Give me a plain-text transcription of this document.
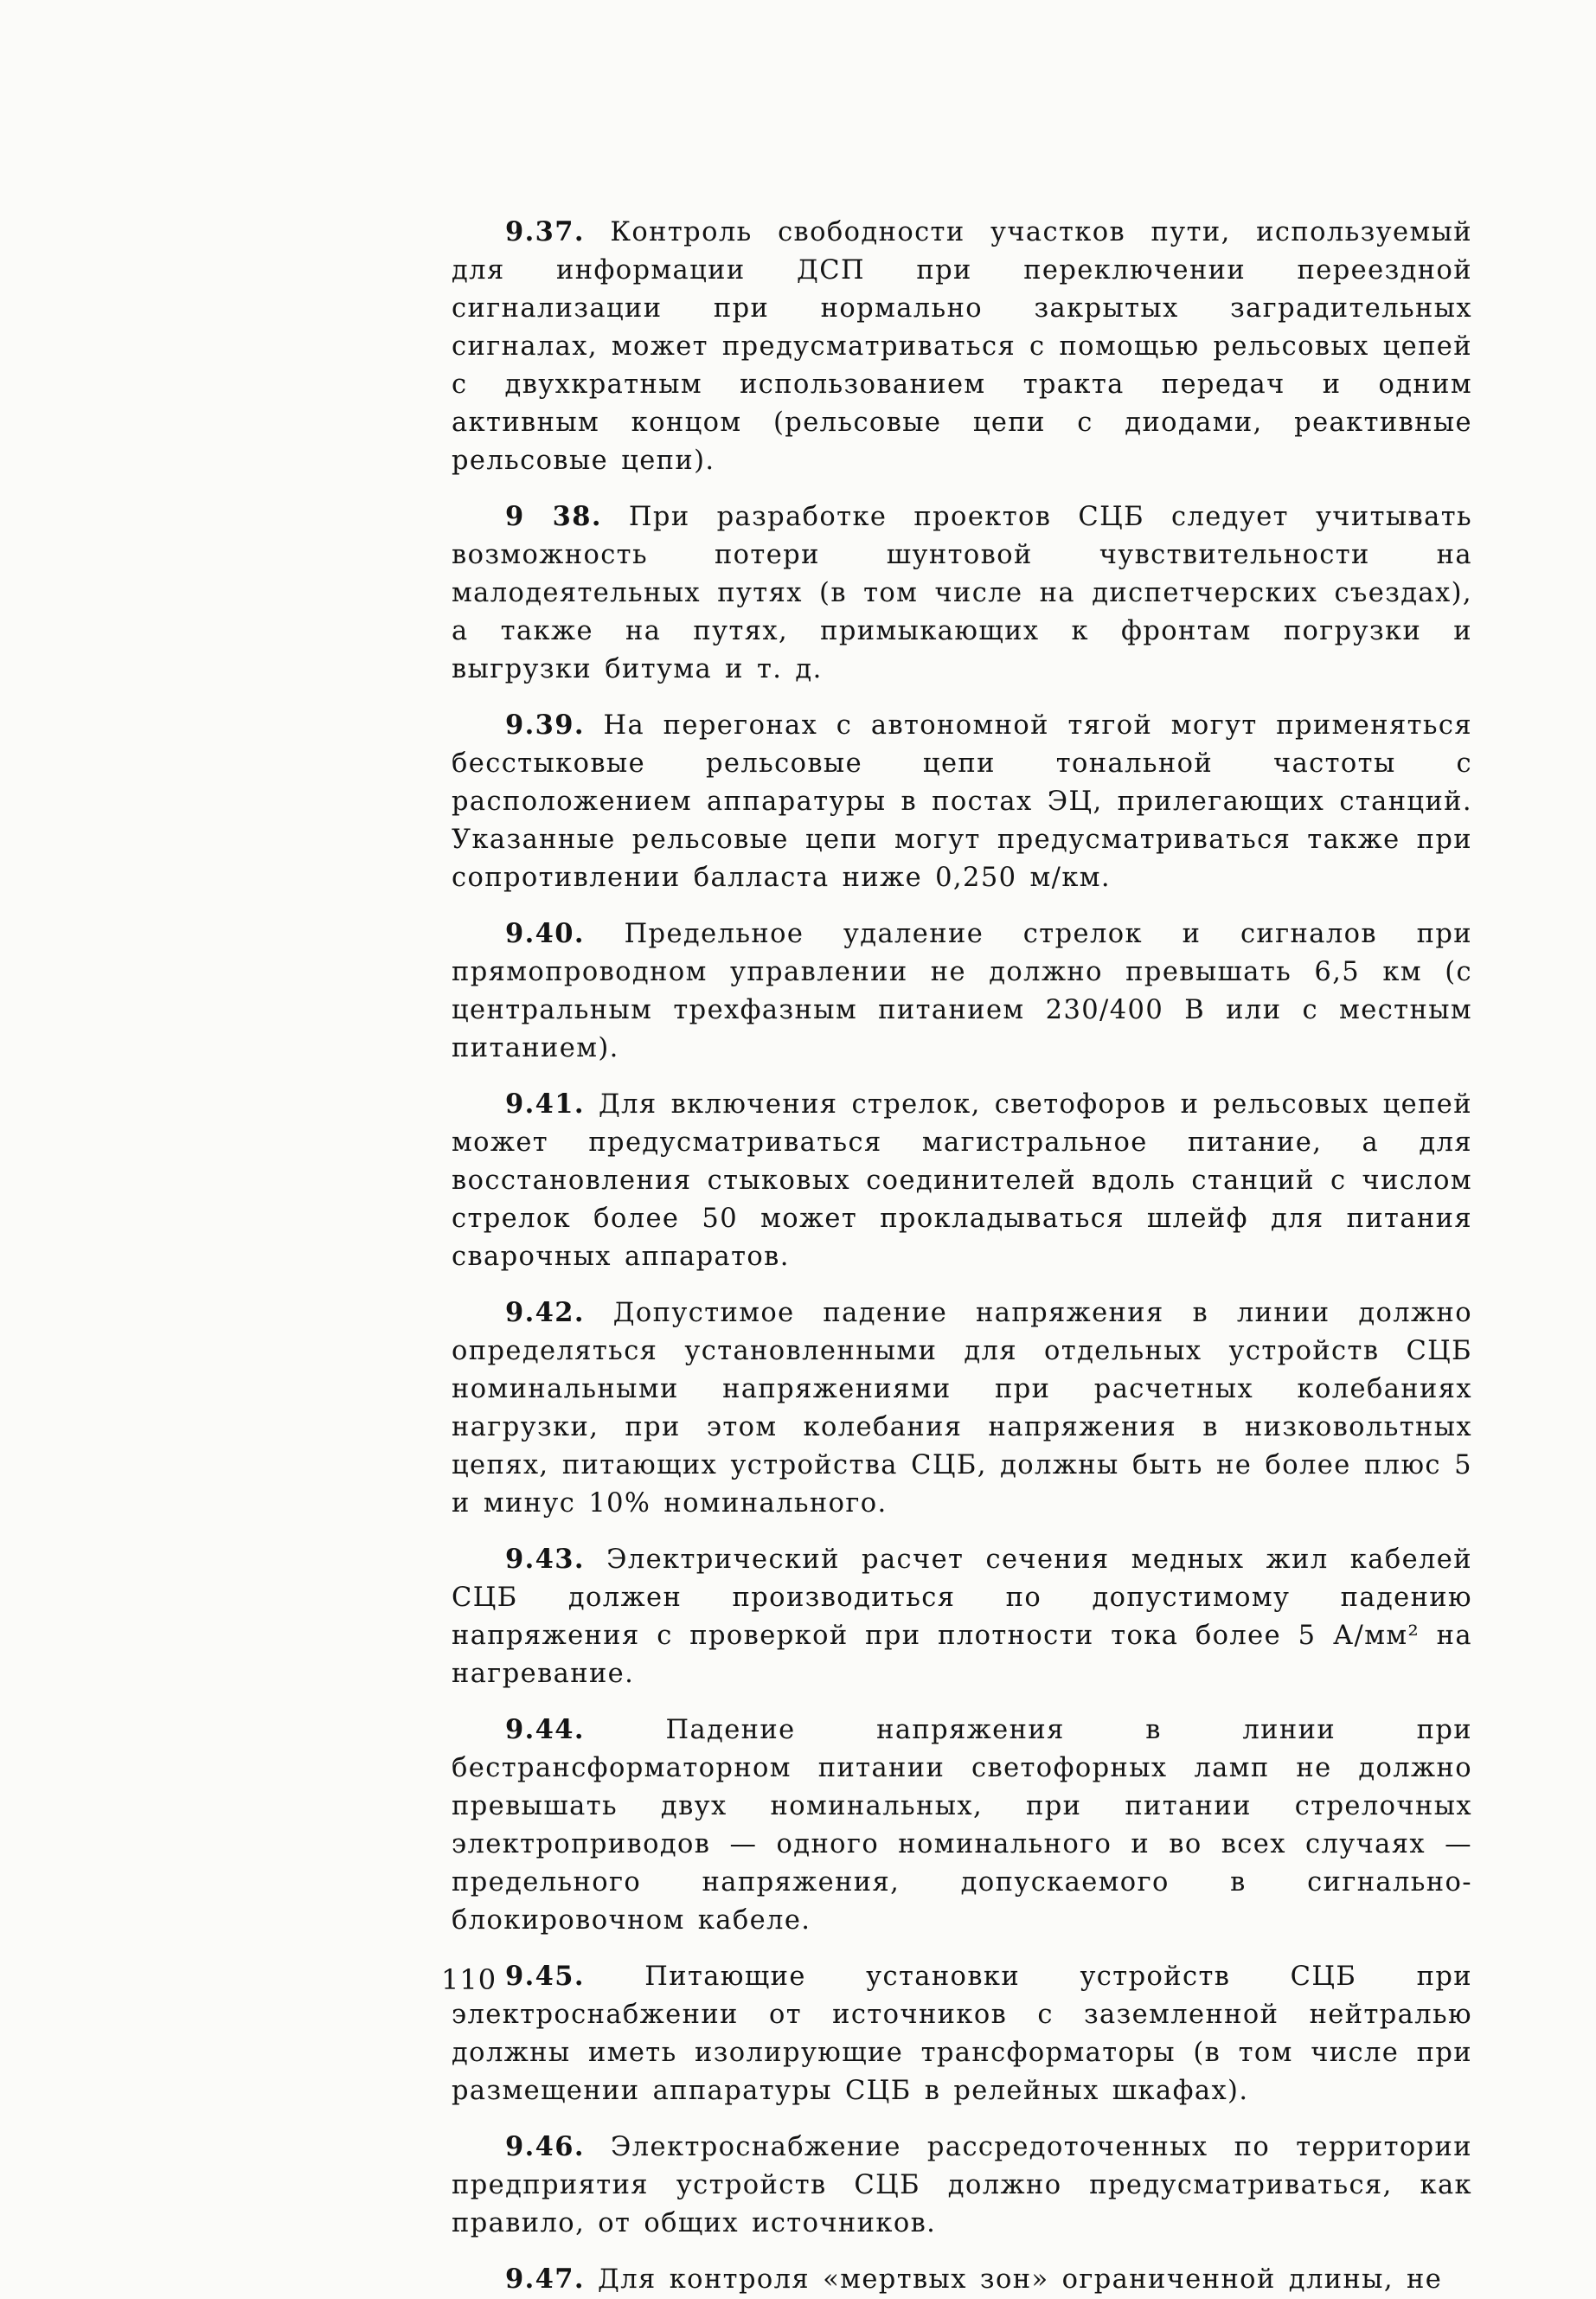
9.37. Контроль свободности участков пути, используемый для информации ДСП при переключении переездной сигнализации при нормально закрытых заградительных сигналах, может предусматриваться с помощью рельсовых цепей с двухкратным использованием тракта передач и одним активным концом (рельсовые цепи с диодами, реактивные рельсовые цепи).

9 38. При разработке проектов СЦБ следует учитывать возможность потери шунтовой чувствительности на малодеятельных путях (в том числе на диспетчерских съездах), а также на путях, примыкающих к фронтам погрузки и выгрузки битума и т. д.

9.39. На перегонах с автономной тягой могут применяться бесстыковые рельсовые цепи тональной частоты с расположением аппаратуры в постах ЭЦ, прилегающих станций. Указанные рельсовые цепи могут предусматриваться также при сопротивлении балласта ниже 0,250 м/км.

9.40. Предельное удаление стрелок и сигналов при прямопроводном управлении не должно превышать 6,5 км (с центральным трехфазным питанием 230/400 В или с местным питанием).

9.41. Для включения стрелок, светофоров и рельсовых цепей может предусматриваться магистральное питание, а для восстановления стыковых соединителей вдоль станций с числом стрелок более 50 может прокладываться шлейф для питания сварочных аппаратов.

9.42. Допустимое падение напряжения в линии должно определяться установленными для отдельных устройств СЦБ номинальными напряжениями при расчетных колебаниях нагрузки, при этом колебания напряжения в низковольтных цепях, питающих устройства СЦБ, должны быть не более плюс 5 и минус 10% номинального.

9.43. Электрический расчет сечения медных жил кабелей СЦБ должен производиться по допустимому падению напряжения с проверкой при плотности тока более 5 А/мм² на нагревание.

9.44.	Падение напряжения в линии при бестрансформаторном питании светофорных ламп не должно превышать двух номинальных, при питании стрелочных электроприводов — одного номинального и во всех случаях — предельного напряжения, допускаемого в сигнально-блокировочном кабеле.

9.45. Питающие установки устройств СЦБ при электроснабжении от источников с заземленной нейтралью должны иметь изолирующие трансформаторы (в том числе при размещении аппаратуры СЦБ в релейных шкафах).

9.46. Электроснабжение рассредоточенных по территории предприятия устройств СЦБ должно предусматриваться, как правило, от общих источников.

9.47. Для контроля «мертвых зон» ограниченной длины, не

110
